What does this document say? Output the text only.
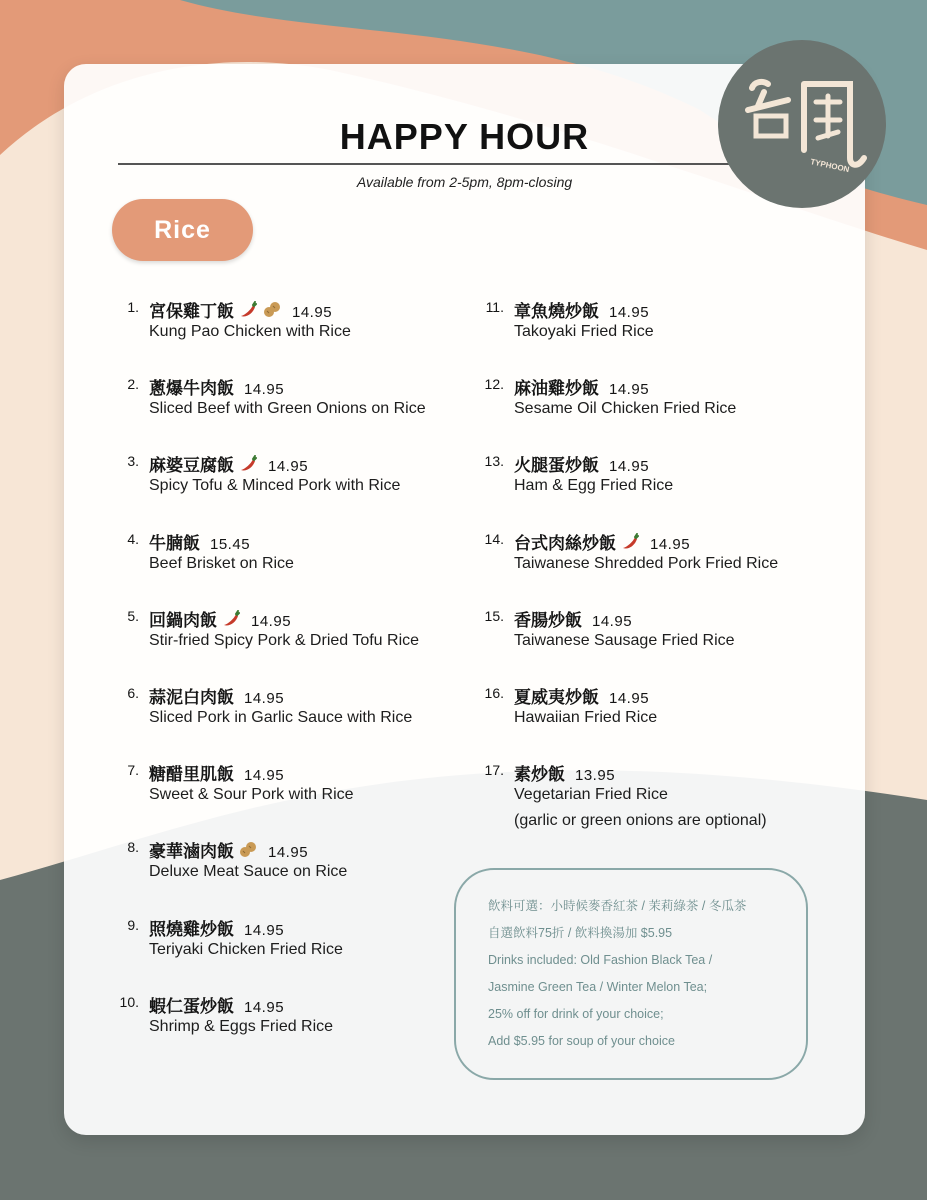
HAPPY HOUR
Available from 2-5pm, 8pm-closing
Rice
TYPHOON
1. 宮保雞丁飯	14.95
Kung Pao Chicken with Rice
2. 蔥爆牛肉飯 14.95
Sliced Beef with Green Onions on Rice
3. 麻婆豆腐飯 14.95
Spicy Tofu & Minced Pork with Rice
4. 牛腩飯 15.45
Beef Brisket on Rice
5. 回鍋肉飯 14.95
Stir-fried Spicy Pork & Dried Tofu Rice
6. 蒜泥白肉飯 14.95
Sliced Pork in Garlic Sauce with Rice
7. 糖醋里肌飯 14.95
Sweet & Sour Pork with Rice
8. 豪華滷肉飯 14.95
Deluxe Meat Sauce on Rice
9. 照燒雞炒飯 14.95
Teriyaki Chicken Fried Rice
10. 蝦仁蛋炒飯 14.95
Shrimp & Eggs Fried Rice
11. 章魚燒炒飯 14.95
Takoyaki Fried Rice
12. 麻油雞炒飯 14.95
Sesame Oil Chicken Fried Rice
13. 火腿蛋炒飯 14.95
Ham & Egg Fried Rice
14. 台式肉絲炒飯 14.95
Taiwanese Shredded Pork Fried Rice
15. 香腸炒飯 14.95
Taiwanese Sausage Fried Rice
16. 夏威夷炒飯 14.95
Hawaiian Fried Rice
17. 素炒飯 13.95
Vegetarian Fried Rice
(garlic or green onions are optional)
飲料可選：小時候麥香紅茶 / 茉莉綠茶 / 冬瓜茶
自選飲料75折 / 飲料換湯加 $5.95
Drinks included: Old Fashion Black Tea /
Jasmine Green Tea / Winter Melon Tea;
25% off for drink of your choice;
Add $5.95 for soup of your choice
